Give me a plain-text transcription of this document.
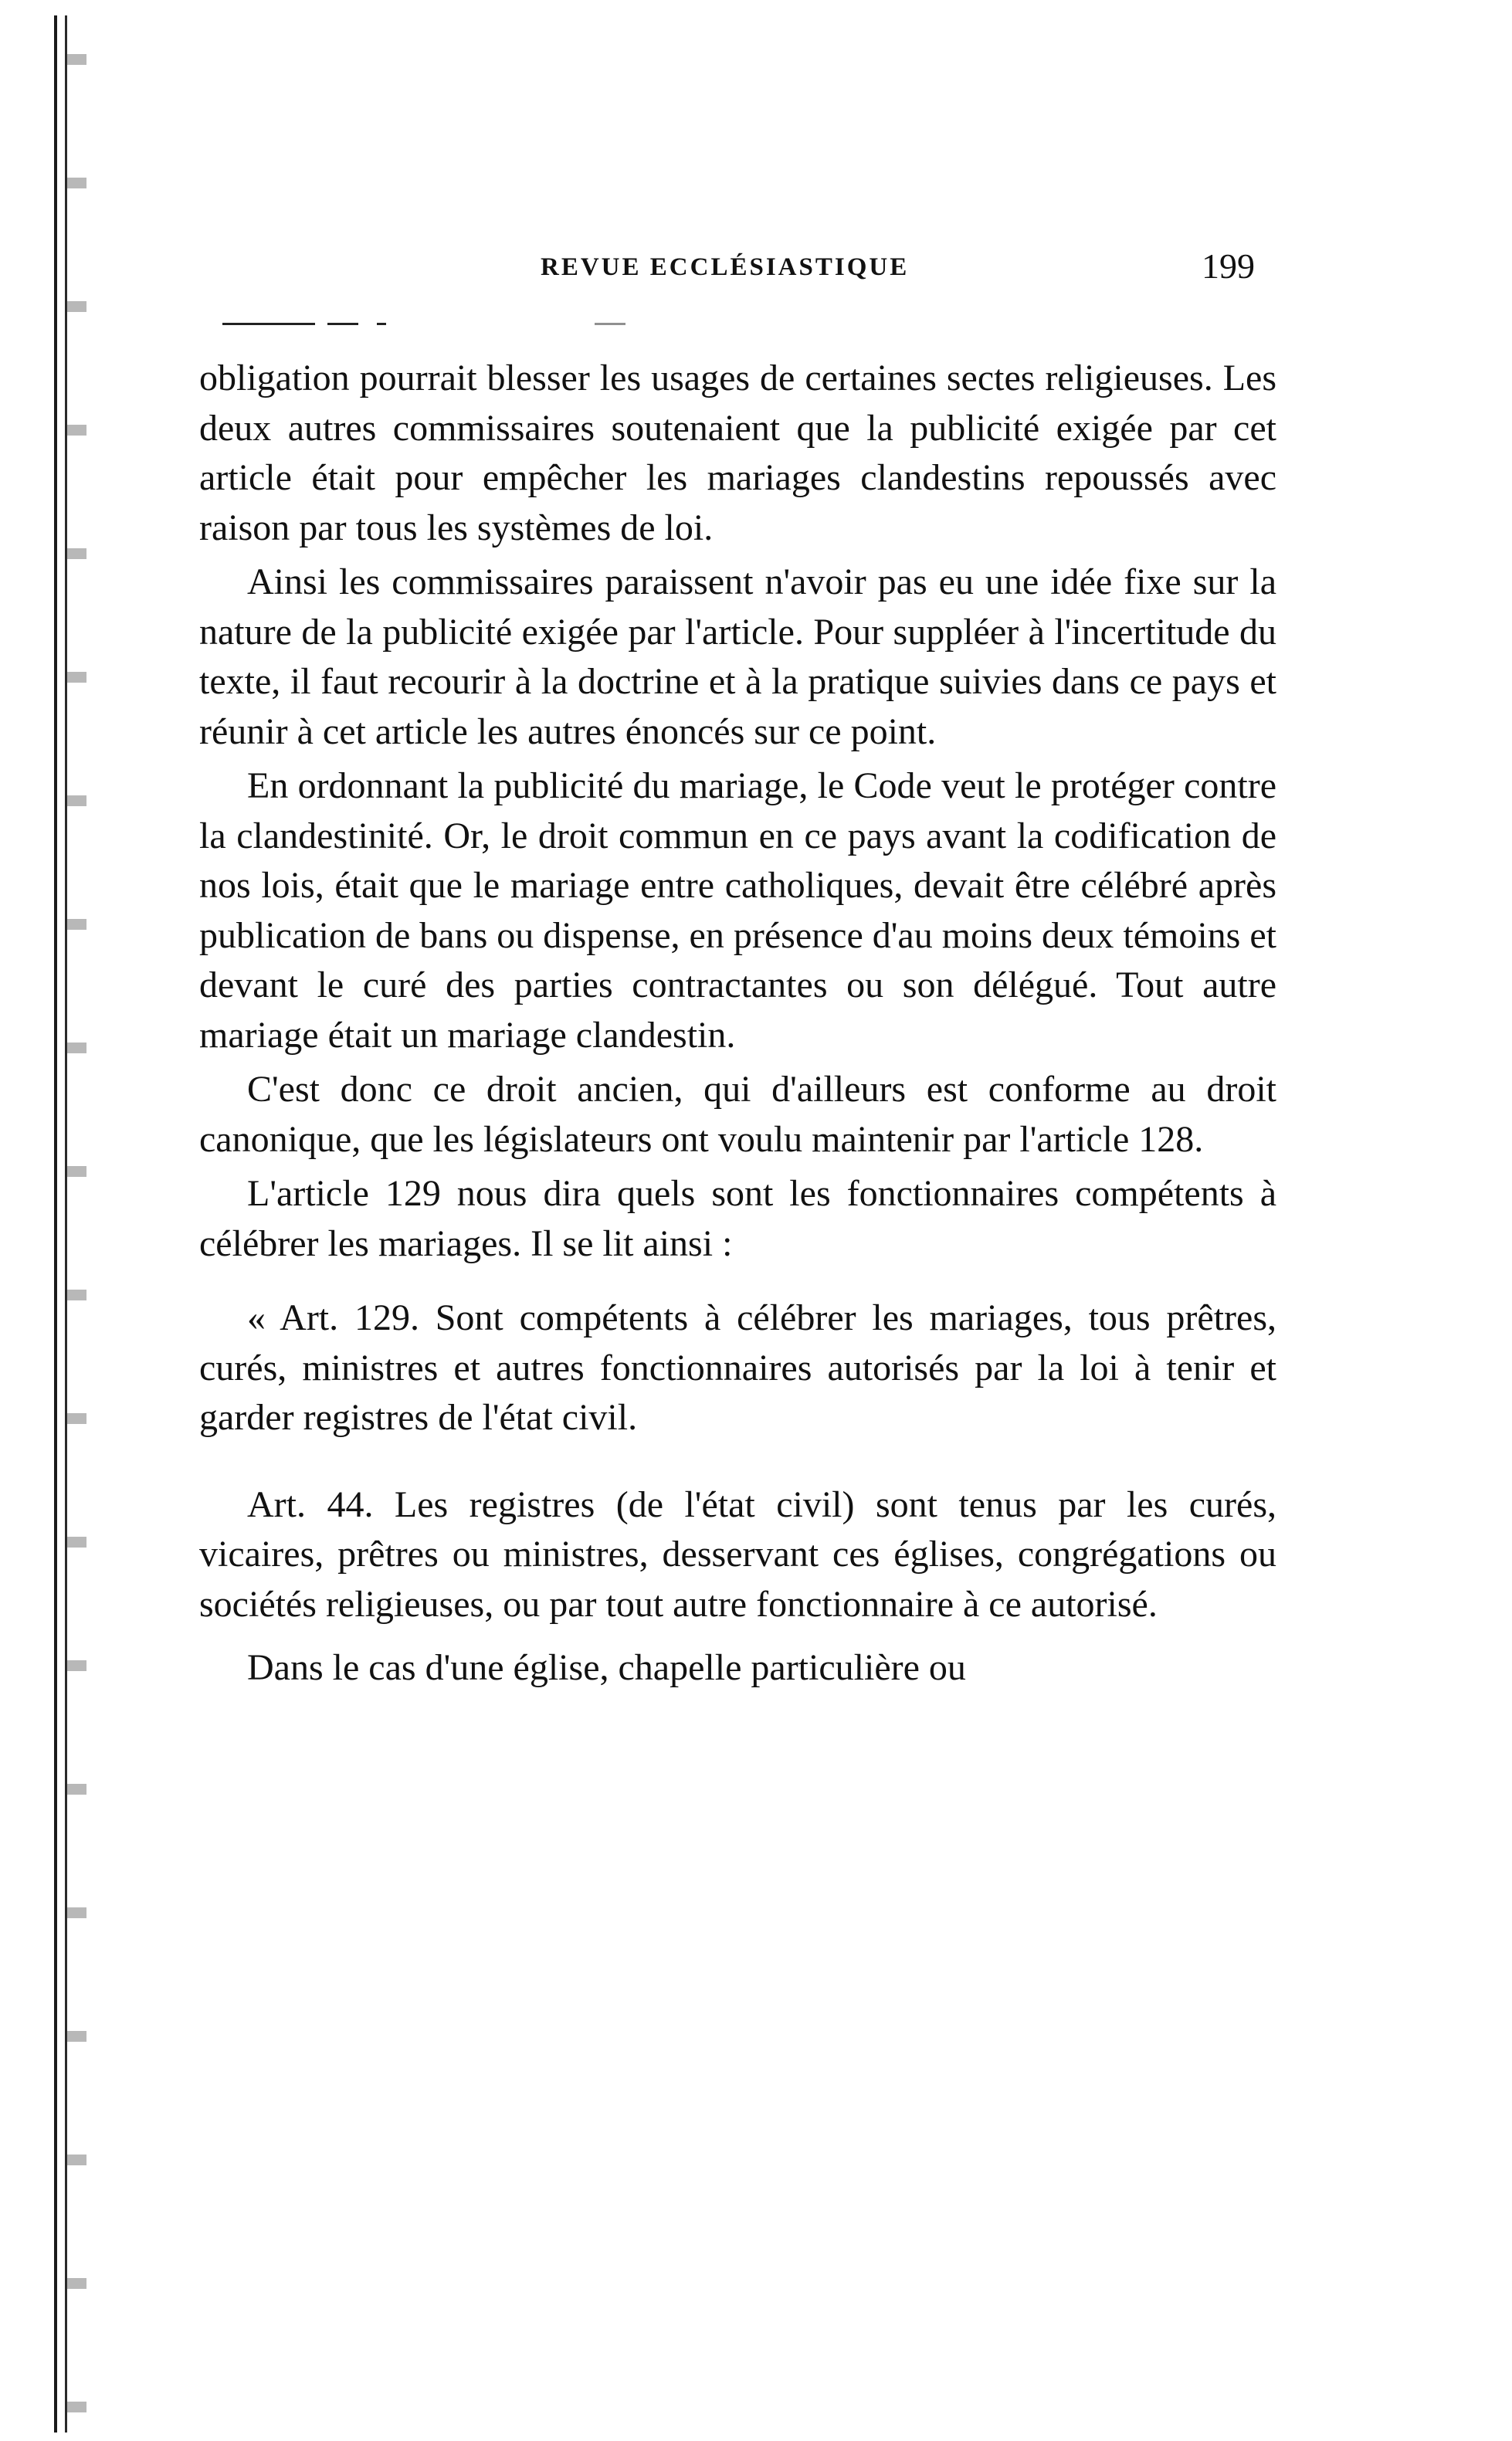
REVUE ECCLÉSIASTIQUE	199

obligation pourrait blesser les usages de certaines sectes religieuses. Les deux autres commissaires soutenaient que la publicité exigée par cet article était pour empêcher les mariages clandestins repoussés avec raison par tous les systèmes de loi.

Ainsi les commissaires paraissent n'avoir pas eu une idée fixe sur la nature de la publicité exigée par l'article. Pour suppléer à l'incertitude du texte, il faut recourir à la doctrine et à la pratique suivies dans ce pays et réunir à cet article les autres énoncés sur ce point.

En ordonnant la publicité du mariage, le Code veut le protéger contre la clandestinité. Or, le droit commun en ce pays avant la codification de nos lois, était que le mariage entre catholiques, devait être célébré après publication de bans ou dispense, en présence d'au moins deux témoins et devant le curé des parties contractantes ou son délégué. Tout autre mariage était un mariage clandestin.

C'est donc ce droit ancien, qui d'ailleurs est conforme au droit canonique, que les législateurs ont voulu maintenir par l'article 128.

L'article 129 nous dira quels sont les fonctionnaires compétents à célébrer les mariages. Il se lit ainsi :

« Art. 129. Sont compétents à célébrer les mariages, tous prêtres, curés, ministres et autres fonctionnaires autorisés par la loi à tenir et garder registres de l'état civil.

Art. 44. Les registres (de l'état civil) sont tenus par les curés, vicaires, prêtres ou ministres, desservant ces églises, congrégations ou sociétés religieuses, ou par tout autre fonctionnaire à ce autorisé.

Dans le cas d'une église, chapelle particulière ou
